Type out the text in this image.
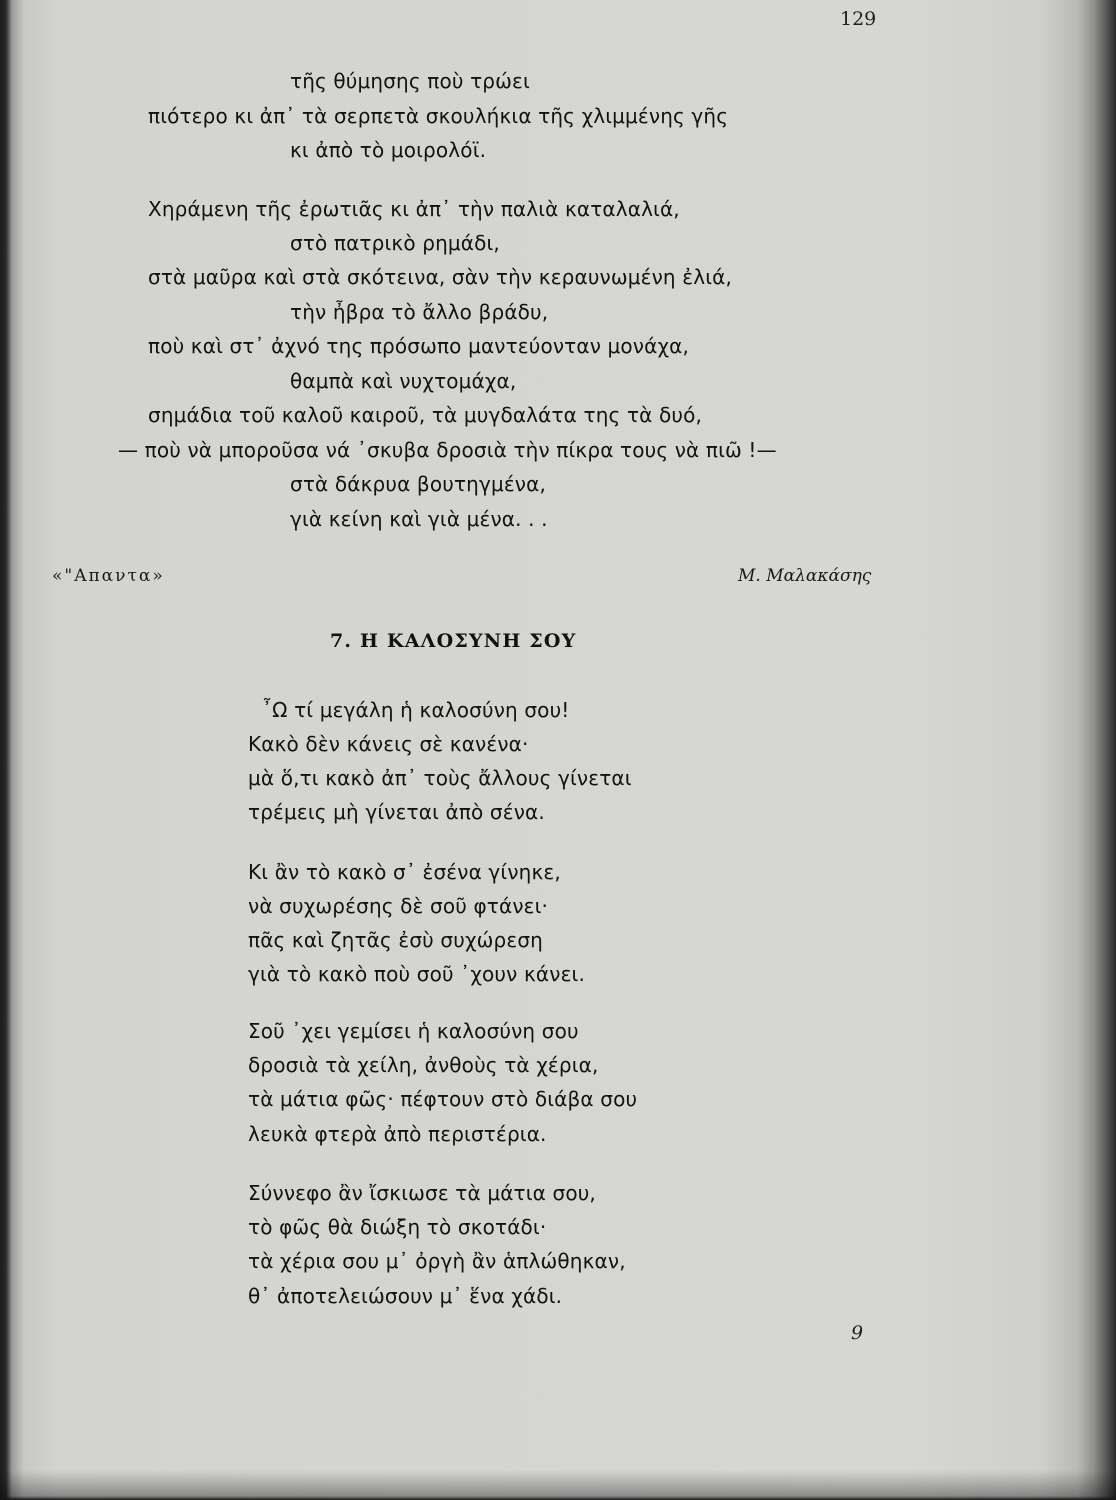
129
τῆς θύμησης ποὺ τρώει
πιότερο κι ἀπ᾿ τὰ σερπετὰ σκουλήκια τῆς χλιμμένης γῆς
κι ἀπὸ τὸ μοιρολόϊ.
Χηράμενη τῆς ἐρωτιᾶς κι ἀπ᾿ τὴν παλιὰ καταλαλιά,
στὸ πατρικὸ ρημάδι,
στὰ μαῦρα καὶ στὰ σκότεινα, σὰν τὴν κεραυνωμένη ἐλιά,
τὴν ἦβρα τὸ ἄλλο βράδυ,
ποὺ καὶ στ᾿ ἀχνό της πρόσωπο μαντεύονταν μονάχα,
θαμπὰ καὶ νυχτομάχα,
σημάδια τοῦ καλοῦ καιροῦ, τὰ μυγδαλάτα της τὰ δυό,
— ποὺ νὰ μποροῦσα νά ᾿σκυβα δροσιὰ τὴν πίκρα τους νὰ πιῶ !—
στὰ δάκρυα βουτηγμένα,
γιὰ κείνη καὶ γιὰ μένα. . .
«"Απαντα»	Μ. Μαλακάσης
7. Η ΚΑΛΟΣΥΝΗ ΣΟΥ
῏Ω τί μεγάλη ἡ καλοσύνη σου!
Κακὸ δὲν κάνεις σὲ κανένα·
μὰ ὅ,τι κακὸ ἀπ᾿ τοὺς ἄλλους γίνεται
τρέμεις μὴ γίνεται ἀπὸ σένα.
Κι ἂν τὸ κακὸ σ᾿ ἐσένα γίνηκε,
νὰ συχωρέσης δὲ σοῦ φτάνει·
πᾶς καὶ ζητᾶς ἐσὺ συχώρεση
γιὰ τὸ κακὸ ποὺ σοῦ ᾿χουν κάνει.
Σοῦ ᾿χει γεμίσει ἡ καλοσύνη σου
δροσιὰ τὰ χείλη, ἀνθοὺς τὰ χέρια,
τὰ μάτια φῶς· πέφτουν στὸ διάβα σου
λευκὰ φτερὰ ἀπὸ περιστέρια.
Σύννεφο ἂν ἴσκιωσε τὰ μάτια σου,
τὸ φῶς θὰ διώξη τὸ σκοτάδι·
τὰ χέρια σου μ᾿ ὀργὴ ἂν ἁπλώθηκαν,
θ᾿ ἀποτελειώσουν μ᾿ ἕνα χάδι.
9
